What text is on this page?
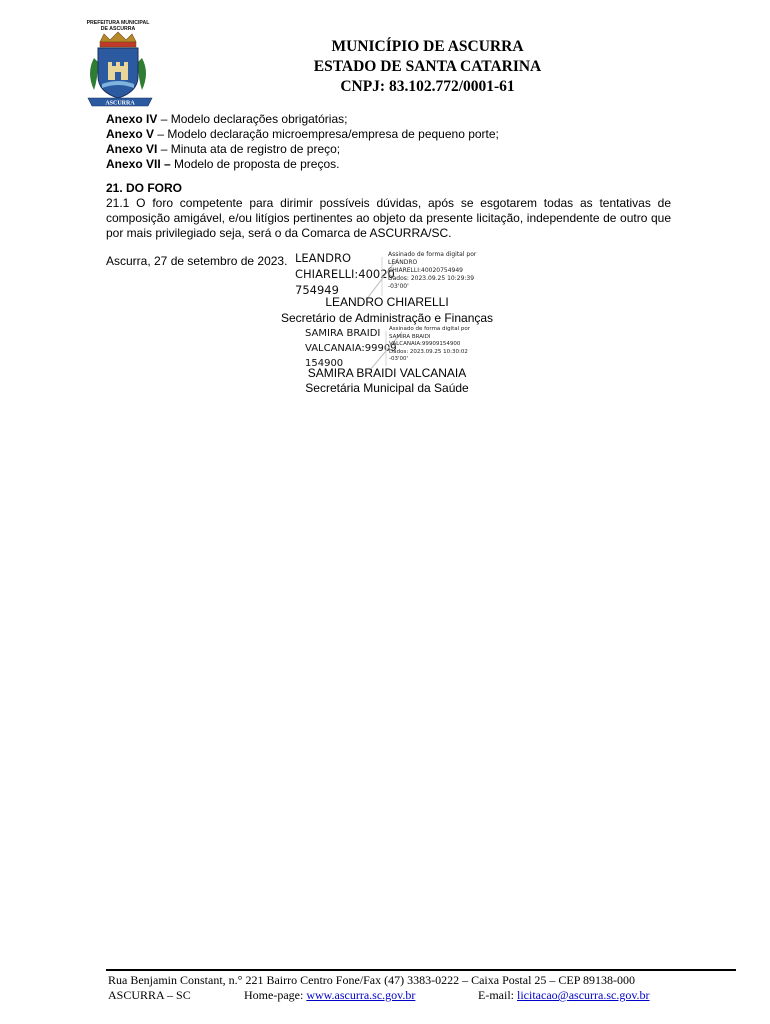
PREFEITURA MUNICIPAL
DE ASCURRA
ASCURRA
MUNICÍPIO DE ASCURRA
ESTADO DE SANTA CATARINA
CNPJ: 83.102.772/0001-61
Anexo IV – Modelo declarações obrigatórias;
Anexo V – Modelo declaração microempresa/empresa de pequeno porte;
Anexo VI – Minuta ata de registro de preço;
Anexo VII – Modelo de proposta de preços.
21. DO FORO
21.1 O foro competente para dirimir possíveis dúvidas, após se esgotarem todas as tentativas de composição amigável, e/ou litígios pertinentes ao objeto da presente licitação, independente de outro que por mais privilegiado seja, será o da Comarca de ASCURRA/SC.
Ascurra, 27 de setembro de 2023. LEANDRO
CHIARELLI:40020
754949
Assinado de forma digital por
LEANDRO
CHIARELLI:40020754949
Dados: 2023.09.25 10:29:39
-03'00'
LEANDRO CHIARELLI
Secretário de Administração e Finanças
SAMIRA BRAIDI
VALCANAIA:99909
154900
Assinado de forma digital por
SAMIRA BRAIDI
VALCANAIA:99909154900
Dados: 2023.09.25 10:30:02
-03'00'
SAMIRA BRAIDI VALCANAIA
Secretária Municipal da Saúde
Rua Benjamin Constant, n.° 221 Bairro Centro Fone/Fax (47) 3383-0222 – Caixa Postal 25 – CEP 89138-000
ASCURRA – SC	Home-page: www.ascurra.sc.gov.br	E-mail: licitacao@ascurra.sc.gov.br
